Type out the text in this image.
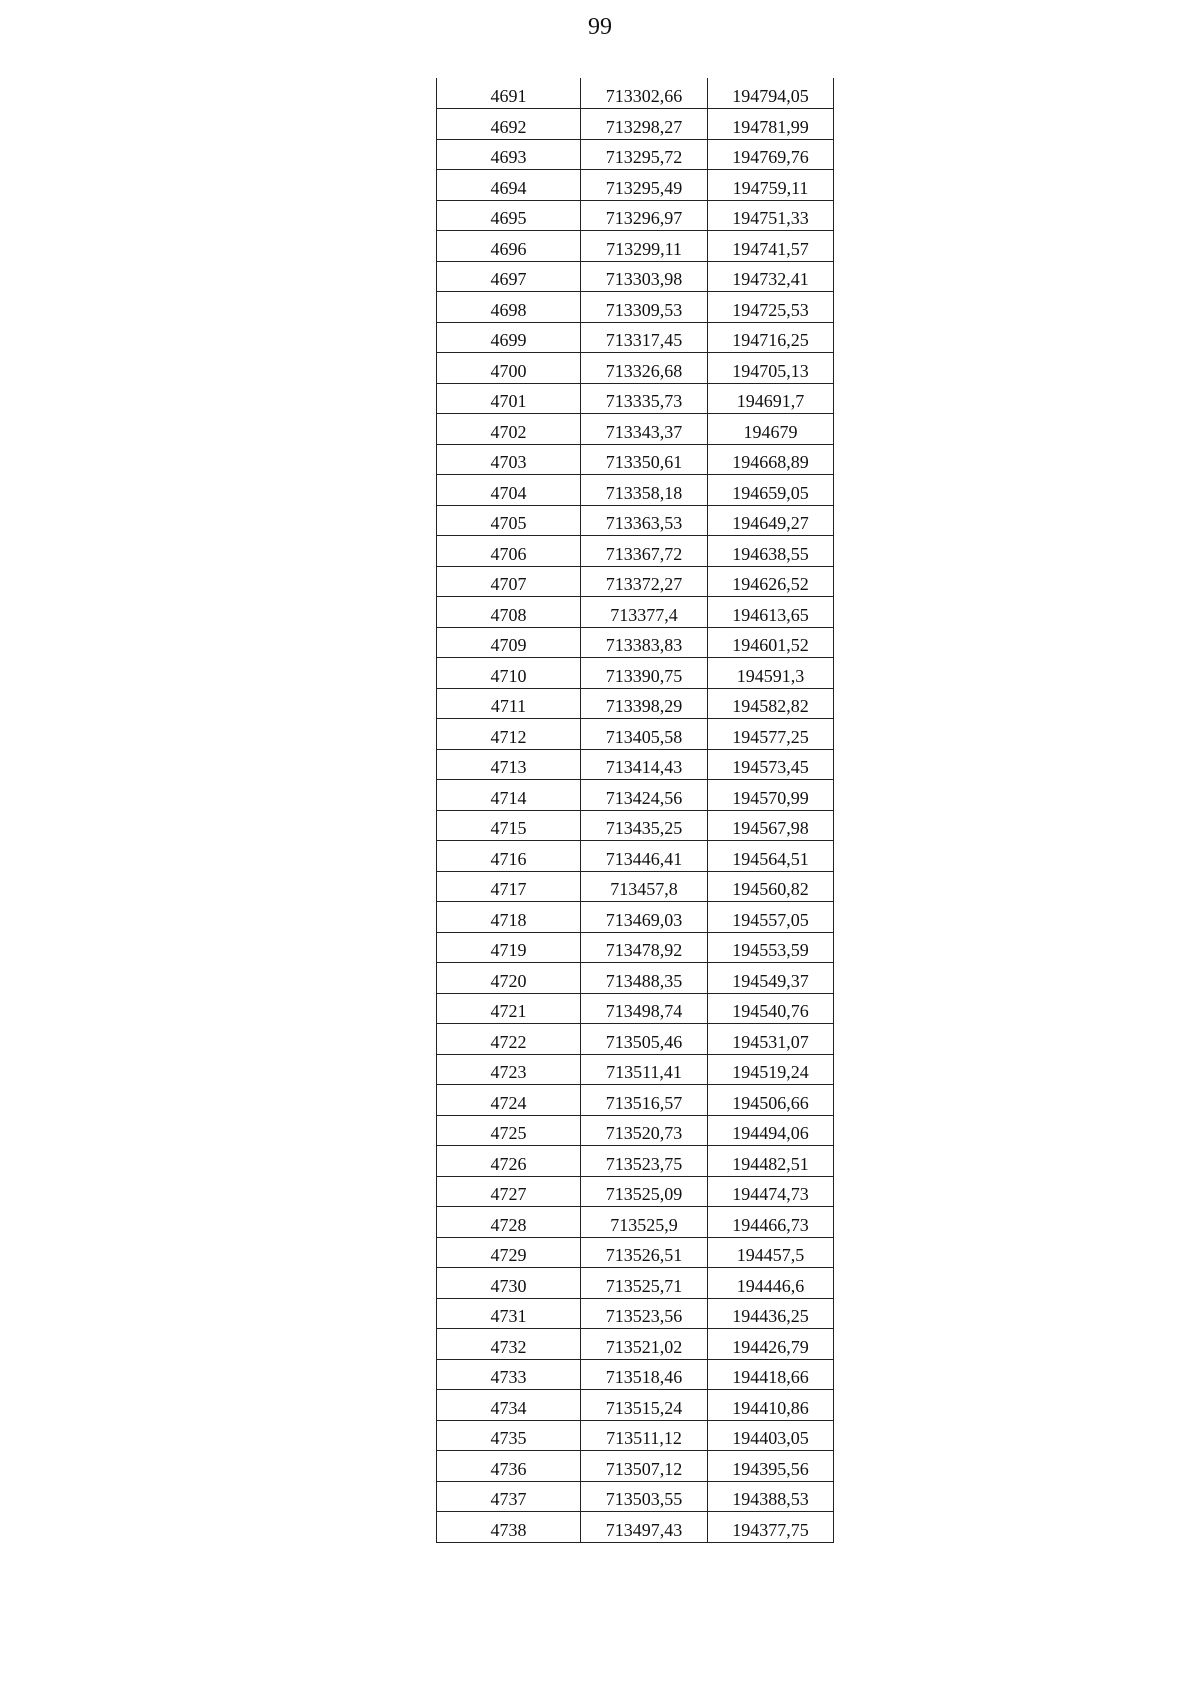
99
4691	713302,66	194794,05
4692	713298,27	194781,99
4693	713295,72	194769,76
4694	713295,49	194759,11
4695	713296,97	194751,33
4696	713299,11	194741,57
4697	713303,98	194732,41
4698	713309,53	194725,53
4699	713317,45	194716,25
4700	713326,68	194705,13
4701	713335,73	194691,7
4702	713343,37	194679
4703	713350,61	194668,89
4704	713358,18	194659,05
4705	713363,53	194649,27
4706	713367,72	194638,55
4707	713372,27	194626,52
4708	713377,4	194613,65
4709	713383,83	194601,52
4710	713390,75	194591,3
4711	713398,29	194582,82
4712	713405,58	194577,25
4713	713414,43	194573,45
4714	713424,56	194570,99
4715	713435,25	194567,98
4716	713446,41	194564,51
4717	713457,8	194560,82
4718	713469,03	194557,05
4719	713478,92	194553,59
4720	713488,35	194549,37
4721	713498,74	194540,76
4722	713505,46	194531,07
4723	713511,41	194519,24
4724	713516,57	194506,66
4725	713520,73	194494,06
4726	713523,75	194482,51
4727	713525,09	194474,73
4728	713525,9	194466,73
4729	713526,51	194457,5
4730	713525,71	194446,6
4731	713523,56	194436,25
4732	713521,02	194426,79
4733	713518,46	194418,66
4734	713515,24	194410,86
4735	713511,12	194403,05
4736	713507,12	194395,56
4737	713503,55	194388,53
4738	713497,43	194377,75
